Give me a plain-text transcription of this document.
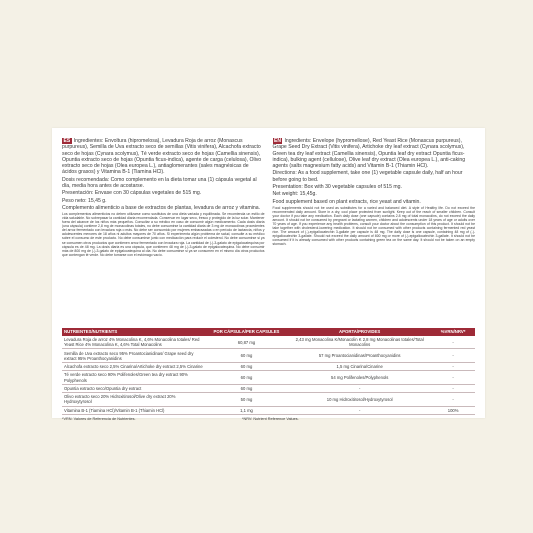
ES Ingredientes: Envoltura (hipromelosa), Levadura Roja de arroz (Monascus purpureus), Semilla de Uva extracto seco de semillas (Vitis vinifera), Alcachofa extracto seco de hojas (Cynara scolymus), Té verde extracto seco de hojas (Camellia sinensis), Opuntia extracto seco de hojas (Opuntia ficus-indica), agente de carga (celulosa), Olivo extracto seco de hojas (Olea europea L.), antiaglomerantes (sales magnésicas de ácidos grasos) y Vitamina B-1 (Tiamina HCl).

Dosis recomendada: Como complemento en la dieta tomar una (1) cápsula vegetal al día, media hora antes de acostarse.

Presentación: Envase con 30 cápsulas vegetales de 515 mg.

Peso neto: 15,45 g.

Complemento alimenticio a base de extractos de plantas, levadura de arroz y vitamina.

Los complementos alimenticios no deben utilizarse como sustitutos de una dieta variada y equilibrada. Se recomienda un estilo de vida saludable. No sobrepasar la cantidad diaria recomendada. Conservar en lugar seco, fresco y protegido de la luz solar. Mantener fuera del alcance de los niños más pequeños. Consultar a su médico en caso de consumir algún medicamento. Cada dosis diaria (una cápsula) contiene 2,8 mg de monacolinas totales, no debe consumirse la cantidad diaria de 3 mg de monacolinas procedentes del arroz fermentado con levadura roja o más. No debe ser consumido por mujeres embarazadas o en período de lactancia, niños y adolescentes menores de 18 años ni adultos mayores de 70 años. Si experimenta algún problema de salud, consulte a su médico sobre el consumo de este producto. No debe consumirse junto con medicación para reducir el colesterol. No debe consumirse si ya se consumen otros productos que contienen arroz fermentado con levadura roja. La cantidad de (-)-3-galato de epigalocatequina por cápsula es de 48 mg. La dosis diaria es una cápsula, que contienen 48 mg de (-)-3-galato de epigalocatequina. No debe consumir más de 800 mg de (-)-3-galato de epigalocatequina al día. No debe consumirse si ya se consumen en el mismo día otros productos que contengan té verde. No debe tomarse con el estómago vacío.

EN Ingredients: Envelope (hypromellose), Red Yeast Rice (Monascus purpureus), Grape Seed Dry Extract (Vitis vinifera), Artichoke dry leaf extract (Cynara scolymus), Green tea dry leaf extract (Camellia sinensis), Opuntia leaf dry extract Opuntia ficus-indica), bulking agent (cellulose), Olive leaf dry extract (Olea europea L.), anti-caking agents (salts magnesium fatty acids) and Vitamin B-1 (Thiamin HCl).

Directions: As a food supplement, take one (1) vegetable capsule daily, half an hour before going to bed.

Presentation: Box with 30 vegetable capsules of 515 mg.

Net weight: 15,45g.

Food supplement based on plant extracts, rice yeast and vitamin.

Food supplements should not be used as substitutes for a varied and balanced diet. A style of Healthy life. Do not exceed the recommended daily amount. Store in a dry, cool place protected from sunlight. Keep out of the reach of smaller children. Consult your doctor if you take any medication. Each daily dose (one capsule) contains 2.8 mg of total monacolins, do not exceed the daily amount. It should not be consumed by pregnant or lactating women, children and adolescents under 18 years of age or adults over 70 years of age. If you experience any health problems, consult your doctor about the consumption of this product. It should not be take together with cholesterol-lowering medication. It should not be consumed with other products containing fermented red yeast rice. The amount of (-)-epigallocatechin 3-gallate per capsule is 48 mg. The daily dose is one capsule, containing 48 mg of (-)-epigallocatechin 3-gallate. Should not exceed the daily amount of 800 mg or more of (-)-epigallocatechin 3-gallate. It should not be consumed if it is already consumed with other products containing green tea on the same day. It should not be taken on an empty stomach.

NUTRIENTES/NUTRIENTS	POR CÁPSULA/PER CAPSULES	APORTA/PROVIDES	%VRN/NRV*
Levadura Roja de arroz 4% Monacolina K, 4,6% Monacolina totales/ Red Yeast Rice 4% Monacolina K, 4,6% Total Monacolins	60,87 mg	2,43 mg Monacolina K/Monacolin K 2,8 mg Monacolinas totales/Total Monacolins	-
Semilla de Uva extracto seco 95% Proantocianidinas/ Grape seed dry extract 95% Proanthocyanidins	60 mg	57 mg Proantocianidinas/Proanthocyanidins	-
Alcachofa extracto seco 2,5% Cinarina/Artichoke dry extract 2,5% Cinarine	60 mg	1,5 mg Cinarina/Cinarine	-
Té verde extracto seco 90% Polifenoles/Green tea dry extract 90% Polyphenols	60 mg	54 mg Polifenoles/Polyphenols	-
Opuntia extracto seco/Opuntia dry extract	60 mg	-	-
Olivo extracto seco 20% Hidroxitirosol/Olive dry extract 20% Hydroxytyrosol	50 mg	10 mg Hidroxitirosol/Hydroxytyrosol	-
Vitamina B-1 (Tiamina HCl)/Vitamin B-1 (Thiamin HCl)	1,1 mg	-	100%
*VRN: Valores de Referencia de Nutrientes.	*NRV: Nutrient Reference Values.
